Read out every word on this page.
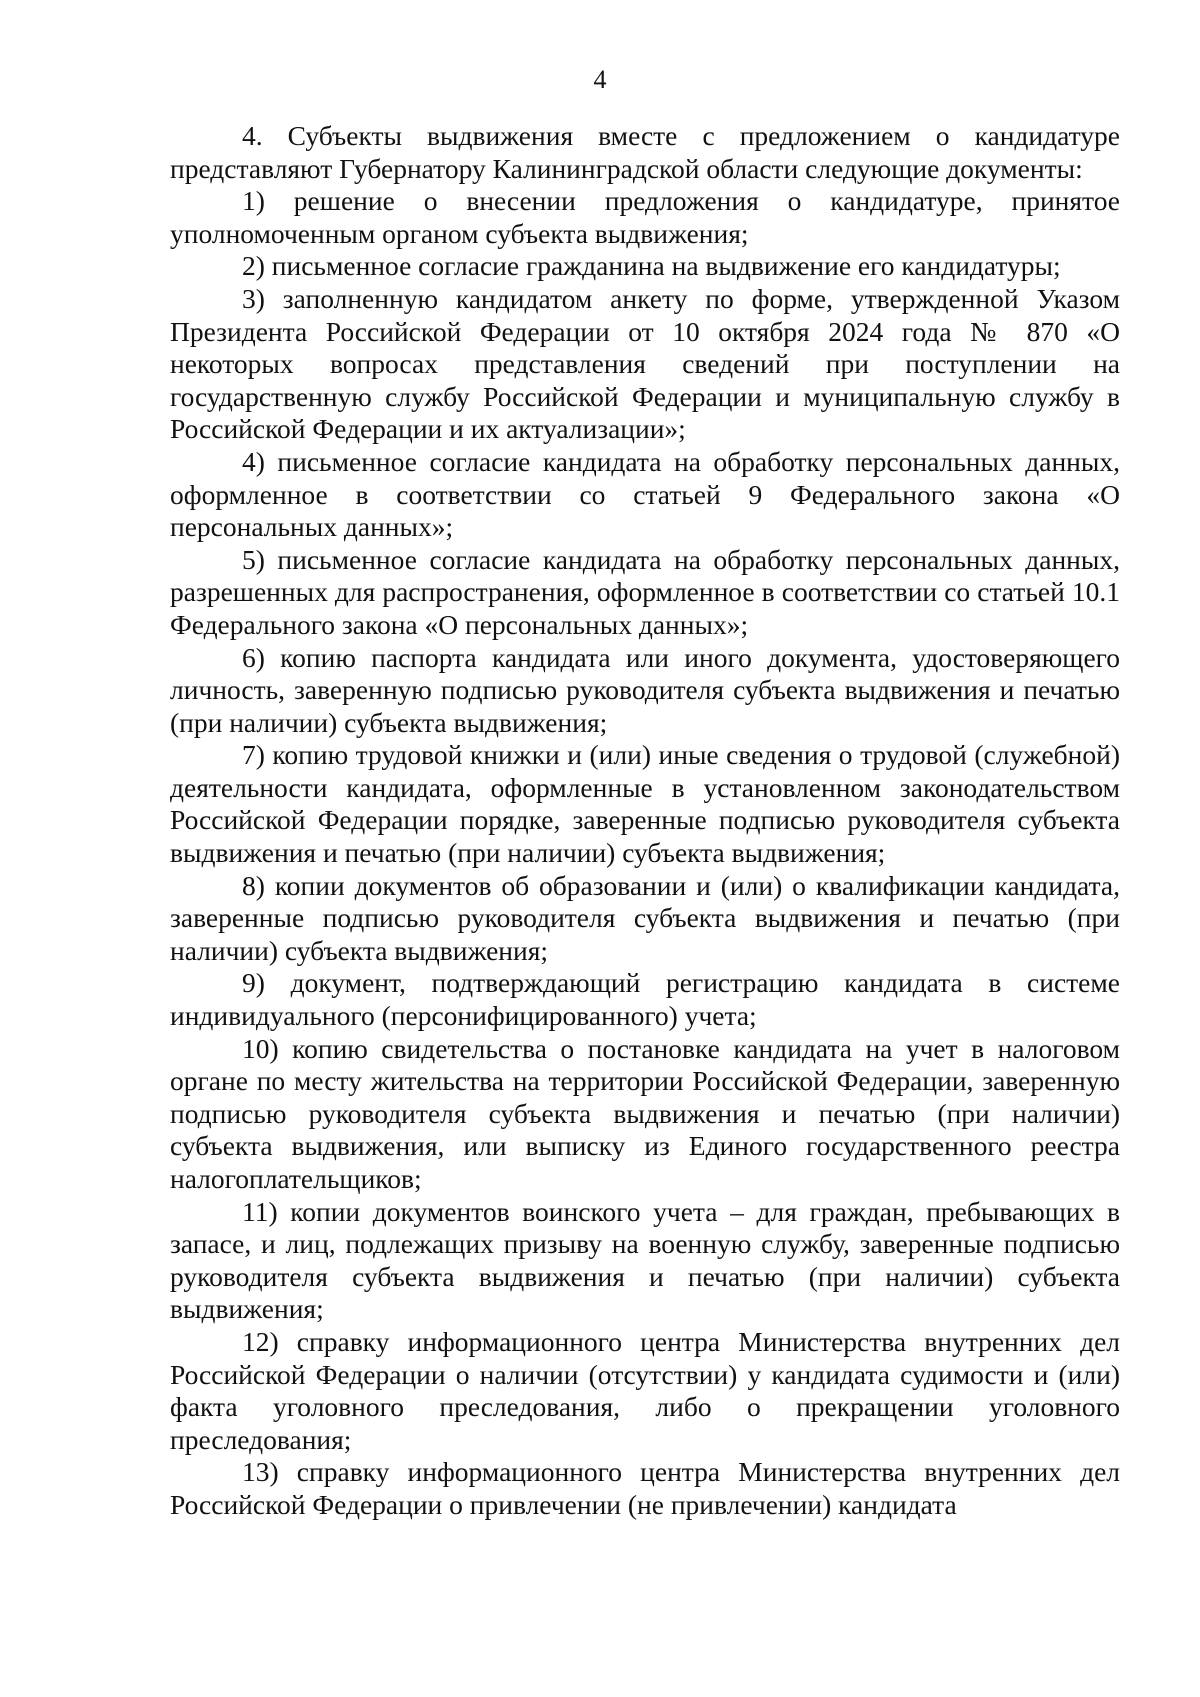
4

4. Субъекты выдвижения вместе с предложением о кандидатуре представляют Губернатору Калининградской области следующие документы:

1) решение о внесении предложения о кандидатуре, принятое уполномоченным органом субъекта выдвижения;

2) письменное согласие гражданина на выдвижение его кандидатуры;

3) заполненную кандидатом анкету по форме, утвержденной Указом Президента Российской Федерации от 10 октября 2024 года № 870 «О некоторых вопросах представления сведений при поступлении на государственную службу Российской Федерации и муниципальную службу в Российской Федерации и их актуализации»;

4) письменное согласие кандидата на обработку персональных данных, оформленное в соответствии со статьей 9 Федерального закона «О персональных данных»;

5) письменное согласие кандидата на обработку персональных данных, разрешенных для распространения, оформленное в соответствии со статьей 10.1 Федерального закона «О персональных данных»;

6) копию паспорта кандидата или иного документа, удостоверяющего личность, заверенную подписью руководителя субъекта выдвижения и печатью (при наличии) субъекта выдвижения;

7) копию трудовой книжки и (или) иные сведения о трудовой (служебной) деятельности кандидата, оформленные в установленном законодательством Российской Федерации порядке, заверенные подписью руководителя субъекта выдвижения и печатью (при наличии) субъекта выдвижения;

8) копии документов об образовании и (или) о квалификации кандидата, заверенные подписью руководителя субъекта выдвижения и печатью (при наличии) субъекта выдвижения;

9) документ, подтверждающий регистрацию кандидата в системе индивидуального (персонифицированного) учета;

10) копию свидетельства о постановке кандидата на учет в налоговом органе по месту жительства на территории Российской Федерации, заверенную подписью руководителя субъекта выдвижения и печатью (при наличии) субъекта выдвижения, или выписку из Единого государственного реестра налогоплательщиков;

11) копии документов воинского учета – для граждан, пребывающих в запасе, и лиц, подлежащих призыву на военную службу, заверенные подписью руководителя субъекта выдвижения и печатью (при наличии) субъекта выдвижения;

12) справку информационного центра Министерства внутренних дел Российской Федерации о наличии (отсутствии) у кандидата судимости и (или) факта уголовного преследования, либо о прекращении уголовного преследования;

13) справку информационного центра Министерства внутренних дел Российской Федерации о привлечении (не привлечении) кандидата
